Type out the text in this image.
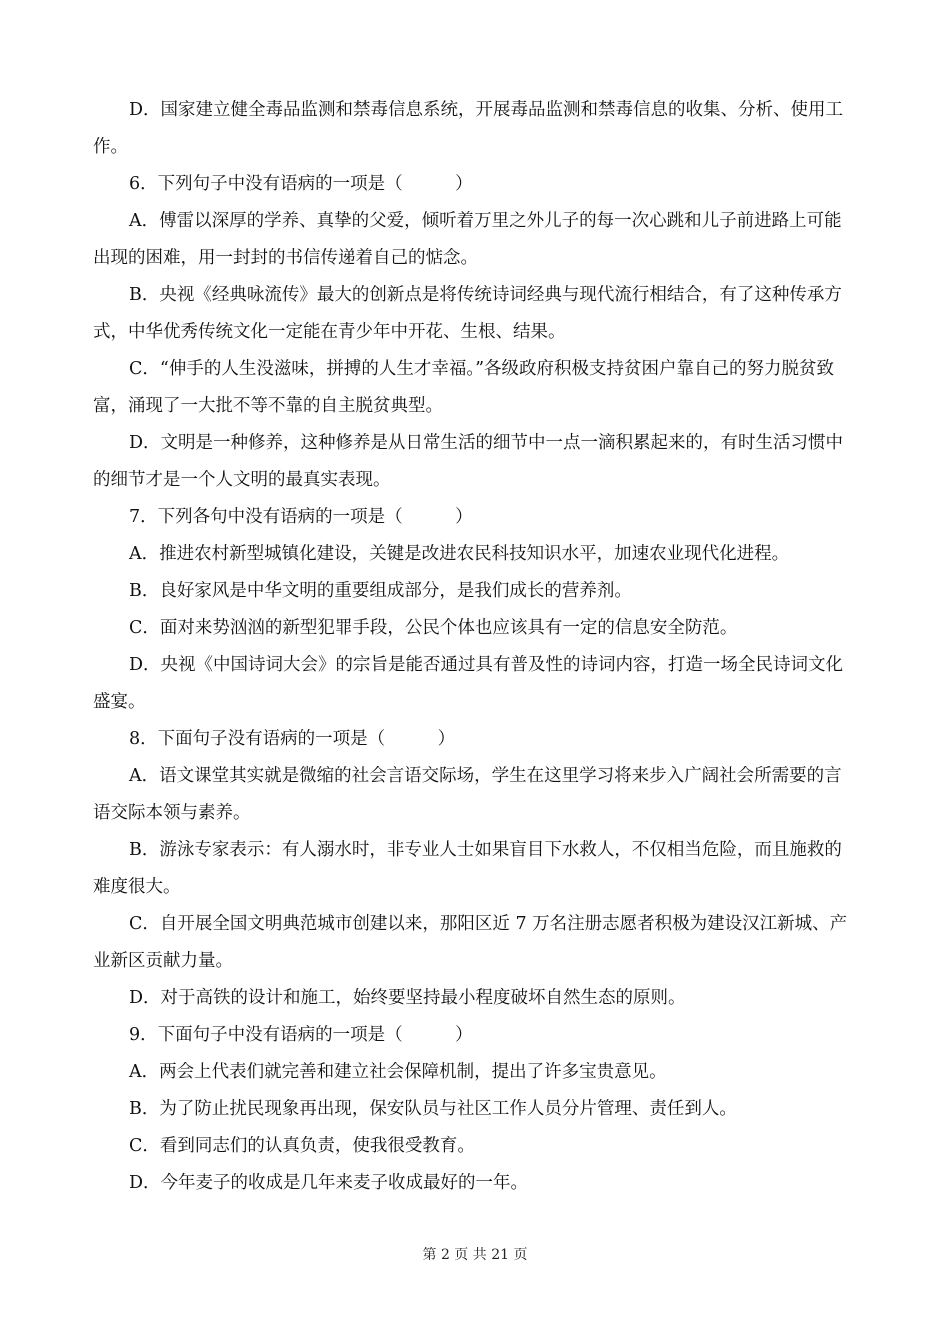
D．国家建立健全毒品监测和禁毒信息系统，开展毒品监测和禁毒信息的收集、分析、使用工作。

6．下列句子中没有语病的一项是（　　　）

A．傅雷以深厚的学养、真挚的父爱，倾听着万里之外儿子的每一次心跳和儿子前进路上可能出现的困难，用一封封的书信传递着自己的惦念。

B．央视《经典咏流传》最大的创新点是将传统诗词经典与现代流行相结合，有了这种传承方式，中华优秀传统文化一定能在青少年中开花、生根、结果。

C．“伸手的人生没滋味，拼搏的人生才幸福。”各级政府积极支持贫困户靠自己的努力脱贫致富，涌现了一大批不等不靠的自主脱贫典型。

D．文明是一种修养，这种修养是从日常生活的细节中一点一滴积累起来的，有时生活习惯中的细节才是一个人文明的最真实表现。

7．下列各句中没有语病的一项是（　　　）

A．推进农村新型城镇化建设，关键是改进农民科技知识水平，加速农业现代化进程。

B．良好家风是中华文明的重要组成部分，是我们成长的营养剂。

C．面对来势汹汹的新型犯罪手段，公民个体也应该具有一定的信息安全防范。

D．央视《中国诗词大会》的宗旨是能否通过具有普及性的诗词内容，打造一场全民诗词文化盛宴。

8．下面句子没有语病的一项是（　　　）

A．语文课堂其实就是微缩的社会言语交际场，学生在这里学习将来步入广阔社会所需要的言语交际本领与素养。

B．游泳专家表示：有人溺水时，非专业人士如果盲目下水救人，不仅相当危险，而且施救的难度很大。

C．自开展全国文明典范城市创建以来，那阳区近 7 万名注册志愿者积极为建设汉江新城、产业新区贡献力量。

D．对于高铁的设计和施工，始终要坚持最小程度破坏自然生态的原则。

9．下面句子中没有语病的一项是（　　　）

A．两会上代表们就完善和建立社会保障机制，提出了许多宝贵意见。

B．为了防止扰民现象再出现，保安队员与社区工作人员分片管理、责任到人。

C．看到同志们的认真负责，使我很受教育。

D．今年麦子的收成是几年来麦子收成最好的一年。

第 2 页 共 21 页
